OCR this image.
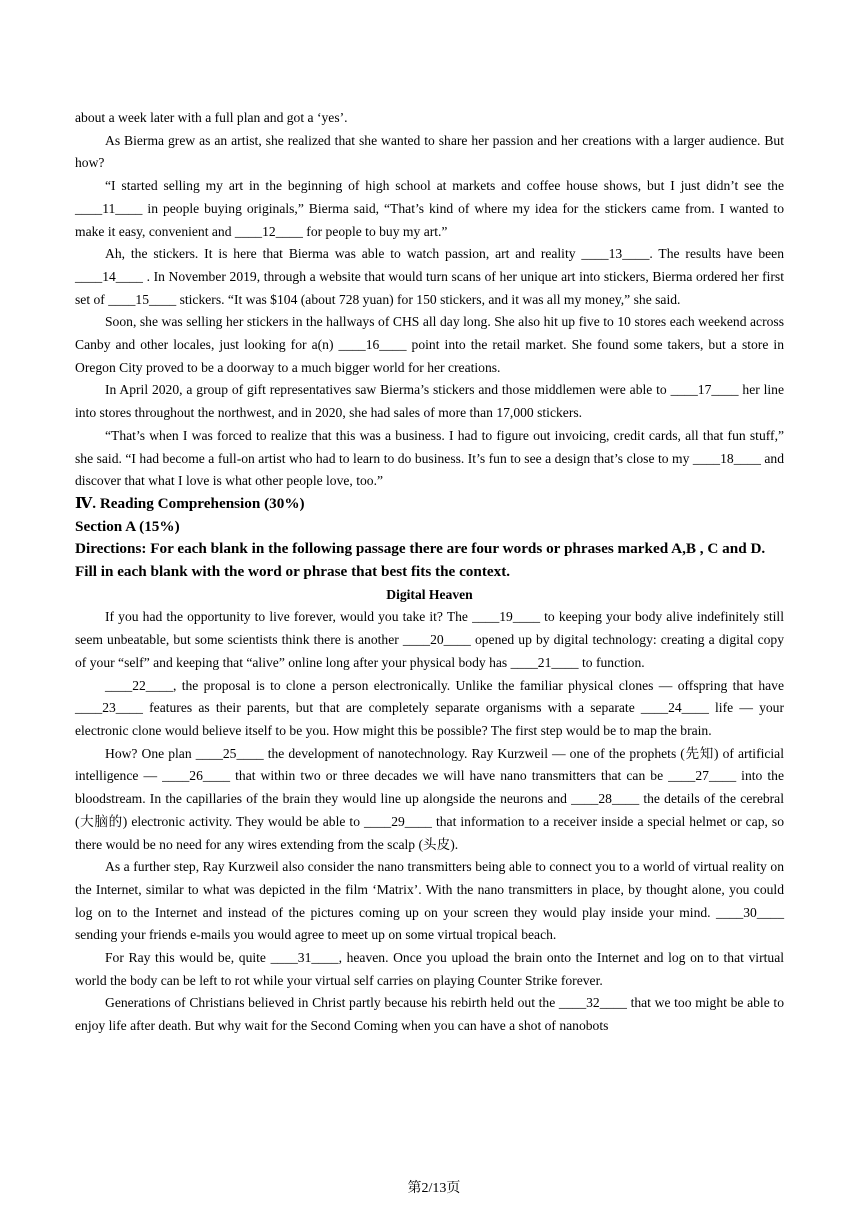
about a week later with a full plan and got a ‘yes’.

As Bierma grew as an artist, she realized that she wanted to share her passion and her creations with a larger audience. But how?

“I started selling my art in the beginning of high school at markets and coffee house shows, but I just didn’t see the ____11____ in people buying originals,” Bierma said, “That’s kind of where my idea for the stickers came from. I wanted to make it easy, convenient and ____12____ for people to buy my art.”

Ah, the stickers. It is here that Bierma was able to watch passion, art and reality ____13____. The results have been ____14____ . In November 2019, through a website that would turn scans of her unique art into stickers, Bierma ordered her first set of ____15____ stickers. “It was $104 (about 728 yuan) for 150 stickers, and it was all my money,” she said.

Soon, she was selling her stickers in the hallways of CHS all day long. She also hit up five to 10 stores each weekend across Canby and other locales, just looking for a(n) ____16____ point into the retail market. She found some takers, but a store in Oregon City proved to be a doorway to a much bigger world for her creations.

In April 2020, a group of gift representatives saw Bierma’s stickers and those middlemen were able to ____17____ her line into stores throughout the northwest, and in 2020, she had sales of more than 17,000 stickers.

“That’s when I was forced to realize that this was a business. I had to figure out invoicing, credit cards, all that fun stuff,” she said. “I had become a full-on artist who had to learn to do business. It’s fun to see a design that’s close to my ____18____ and discover that what I love is what other people love, too.”

Ⅳ. Reading Comprehension (30%)

Section A (15%)

Directions: For each blank in the following passage there are four words or phrases marked A,B , C and D. Fill in each blank with the word or phrase that best fits the context.

Digital Heaven

If you had the opportunity to live forever, would you take it? The ____19____ to keeping your body alive indefinitely still seem unbeatable, but some scientists think there is another ____20____ opened up by digital technology: creating a digital copy of your “self” and keeping that “alive” online long after your physical body has ____21____ to function.

____22____, the proposal is to clone a person electronically. Unlike the familiar physical clones — offspring that have ____23____ features as their parents, but that are completely separate organisms with a separate ____24____ life — your electronic clone would believe itself to be you. How might this be possible? The first step would be to map the brain.

How? One plan ____25____ the development of nanotechnology. Ray Kurzweil — one of the prophets (先知) of artificial intelligence — ____26____ that within two or three decades we will have nano transmitters that can be ____27____ into the bloodstream. In the capillaries of the brain they would line up alongside the neurons and ____28____ the details of the cerebral (大脑的) electronic activity. They would be able to ____29____ that information to a receiver inside a special helmet or cap, so there would be no need for any wires extending from the scalp (头皮).

As a further step, Ray Kurzweil also consider the nano transmitters being able to connect you to a world of virtual reality on the Internet, similar to what was depicted in the film ‘Matrix’. With the nano transmitters in place, by thought alone, you could log on to the Internet and instead of the pictures coming up on your screen they would play inside your mind. ____30____ sending your friends e-mails you would agree to meet up on some virtual tropical beach.

For Ray this would be, quite ____31____, heaven. Once you upload the brain onto the Internet and log on to that virtual world the body can be left to rot while your virtual self carries on playing Counter Strike forever.

Generations of Christians believed in Christ partly because his rebirth held out the ____32____ that we too might be able to enjoy life after death. But why wait for the Second Coming when you can have a shot of nanobots

第2/13页
